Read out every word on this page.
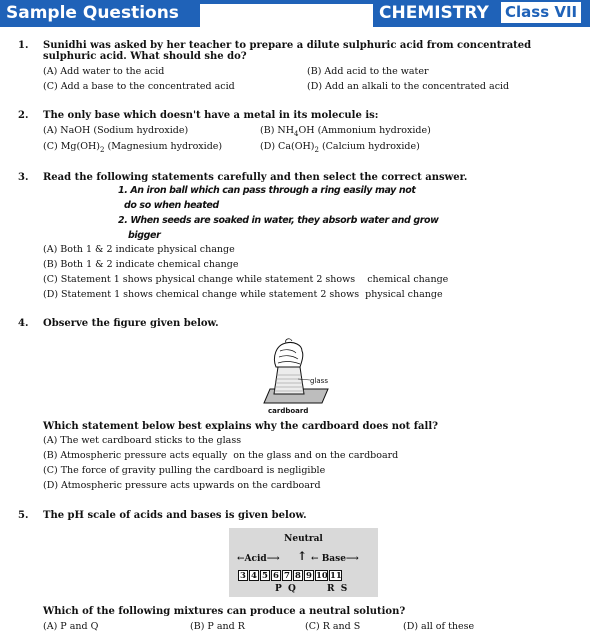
Sample Questions	CHEMISTRY Class VII
1. Sunidhi was asked by her teacher to prepare a dilute sulphuric acid from concentrated sulphuric acid. What should she do?
(A) Add water to the acid	(B) Add acid to the water
(C) Add a base to the concentrated acid	(D) Add an alkali to the concentrated acid
2. The only base which doesn't have a metal in its molecule is:
(A) NaOH (Sodium hydroxide)	(B) $NH_4OH$ (Ammonium hydroxide)
(C) $Mg(OH)_2$ (Magnesium hydroxide)	(D) $Ca(OH)_2$ (Calcium hydroxide)
3. Read the following statements carefully and then select the correct answer.
1. An iron ball which can pass through a ring easily may not
do so when heated
2. When seeds are soaked in water, they absorb water and grow
bigger
(A) Both 1 & 2 indicate physical change
(B) Both 1 & 2 indicate chemical change
(C) Statement 1 shows physical change while statement 2 shows    chemical change
(D) Statement 1 shows chemical change while statement 2 shows  physical change
4. Observe the figure given below.
glass
cardboard
Which statement below best explains why the cardboard does not fall?
(A) The wet cardboard sticks to the glass
(B) Atmospheric pressure acts equally  on the glass and on the cardboard
(C) The force of gravity pulling the cardboard is negligible
(D) Atmospheric pressure acts upwards on the cardboard
5. The pH scale of acids and bases is given below.
Neutral
←Acid⟶ ↑ ← Base⟶
3 4 5 6 7 8 9 10 11
P  Q	R  S
Which of the following mixtures can produce a neutral solution?
(A) P and Q	(B) P and R	(C) R and S	(D) all of these
